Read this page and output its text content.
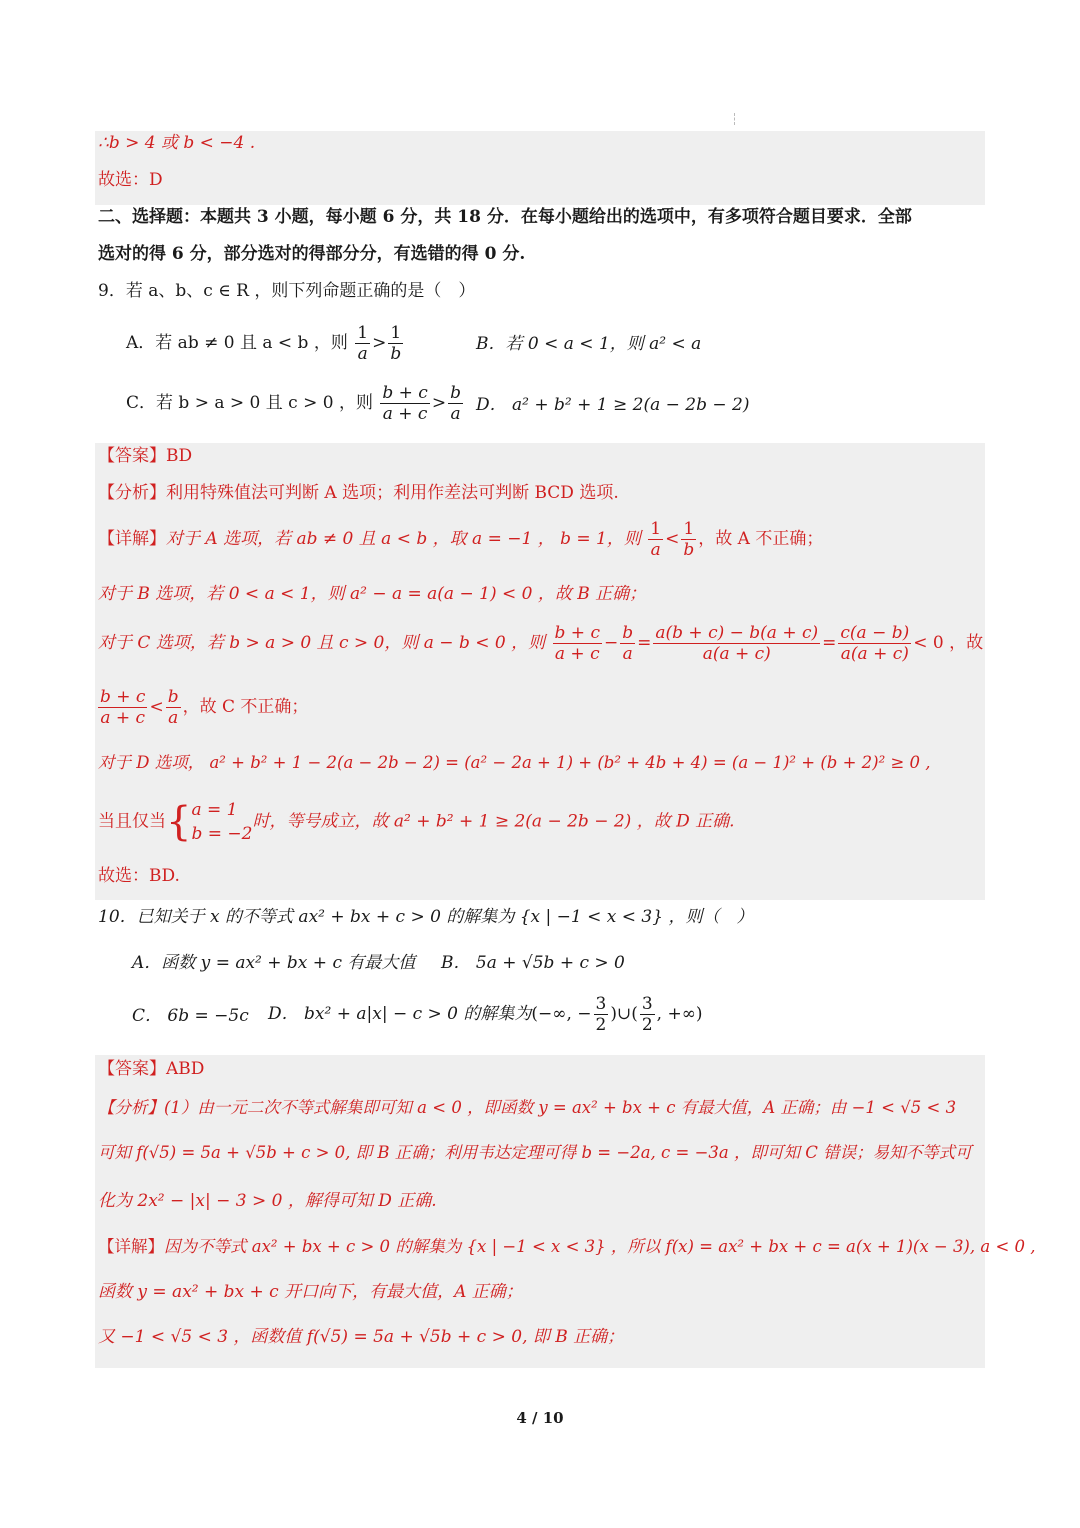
∴b > 4 或 b < −4 .
故选：D
二、选择题：本题共 3 小题，每小题 6 分，共 18 分．在每小题给出的选项中，有多项符合题目要求．全部
选对的得 6 分，部分选对的得部分分，有选错的得 0 分.
9．若 a、b、c ∈ R ，则下列命题正确的是（　）
A．若 ab ≠ 0 且 a < b ，则 $\frac{1}{a} > \frac{1}{b}$	B．若 0 < a < 1，则 a² < a
C．若 b > a > 0 且 c > 0 ，则 $\frac{b + c}{a + c} > \frac{b}{a}$ D． a² + b² + 1 ≥ 2(a − 2b − 2)
【答案】BD
【分析】利用特殊值法可判断 A 选项；利用作差法可判断 BCD 选项.
【详解】对于 A 选项，若 ab ≠ 0 且 a < b ，取 a = −1 ， b = 1，则 $\frac{1}{a} < \frac{1}{b}$ ，故 A 不正确；
对于 B 选项，若 0 < a < 1，则 a² − a = a(a − 1) < 0 ，故 B 正确；
对于 C 选项，若 b > a > 0 且 c > 0，则 a − b < 0 ，则 $\frac{b + c}{a + c} - \frac{b}{a} = \frac{a(b + c) - b(a + c)}{a(a + c)} = \frac{c(a - b)}{a(a + c)} < 0$ ，故
$\frac{b + c}{a + c} < \frac{b}{a}$ ，故 C 不正确；
对于 D 选项， a² + b² + 1 − 2(a − 2b − 2) = (a² − 2a + 1) + (b² + 4b + 4) = (a − 1)² + (b + 2)² ≥ 0 ,
当且仅当{ a = 1
b = −2
时，等号成立，故 a² + b² + 1 ≥ 2(a − 2b − 2) ，故 D 正确.
故选：BD.
10．已知关于 x 的不等式 ax² + bx + c > 0 的解集为 {x | −1 < x < 3} ，则（　）
A．函数 y = ax² + bx + c 有最大值 B． 5a + √5b + c > 0
C． 6b = −5c D． bx² + a|x| − c > 0 的解集为(−∞, − $\frac{3}{2}$ )∪( $\frac{3}{2}$ , +∞)
【答案】ABD
【分析】(1）由一元二次不等式解集即可知 a < 0 ，即函数 y = ax² + bx + c 有最大值，A 正确；由 −1 < √5 < 3
可知 f(√5) = 5a + √5b + c > 0, 即 B 正确；利用韦达定理可得 b = −2a, c = −3a ，即可知 C 错误；易知不等式可
化为 2x² − |x| − 3 > 0 ，解得可知 D 正确.
【详解】因为不等式 ax² + bx + c > 0 的解集为 {x | −1 < x < 3} ，所以 f(x) = ax² + bx + c = a(x + 1)(x − 3), a < 0 ,
函数 y = ax² + bx + c 开口向下，有最大值，A 正确；
又 −1 < √5 < 3 ，函数值 f(√5) = 5a + √5b + c > 0, 即 B 正确；
4 / 10
